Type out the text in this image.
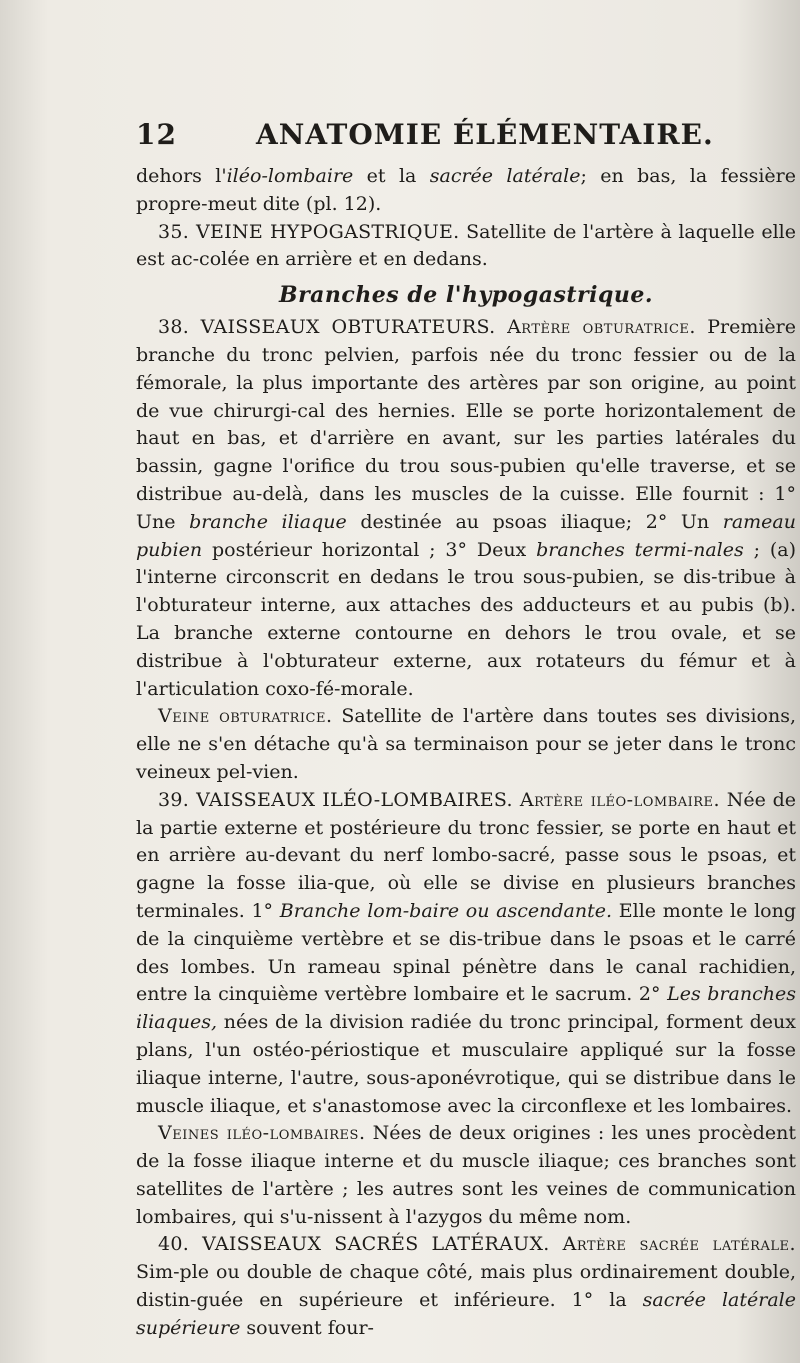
12	ANATOMIE ÉLÉMENTAIRE.

dehors l'iléo-lombaire et la sacrée latérale; en bas, la fessière propre-meut dite (pl. 12).

35. VEINE HYPOGASTRIQUE. Satellite de l'artère à laquelle elle est ac-colée en arrière et en dedans.

Branches de l'hypogastrique.

38. VAISSEAUX OBTURATEURS. Artère obturatrice. Première branche du tronc pelvien, parfois née du tronc fessier ou de la fémorale, la plus importante des artères par son origine, au point de vue chirurgi-cal des hernies. Elle se porte horizontalement de haut en bas, et d'arrière en avant, sur les parties latérales du bassin, gagne l'orifice du trou sous-pubien qu'elle traverse, et se distribue au-delà, dans les muscles de la cuisse. Elle fournit : 1° Une branche iliaque destinée au psoas iliaque; 2° Un rameau pubien postérieur horizontal ; 3° Deux branches termi-nales ; (a) l'interne circonscrit en dedans le trou sous-pubien, se dis-tribue à l'obturateur interne, aux attaches des adducteurs et au pubis (b). La branche externe contourne en dehors le trou ovale, et se distribue à l'obturateur externe, aux rotateurs du fémur et à l'articulation coxo-fé-morale.

Veine obturatrice. Satellite de l'artère dans toutes ses divisions, elle ne s'en détache qu'à sa terminaison pour se jeter dans le tronc veineux pel-vien.

39. VAISSEAUX ILÉO-LOMBAIRES. Artère iléo-lombaire. Née de la partie externe et postérieure du tronc fessier, se porte en haut et en arrière au-devant du nerf lombo-sacré, passe sous le psoas, et gagne la fosse ilia-que, où elle se divise en plusieurs branches terminales. 1° Branche lom-baire ou ascendante. Elle monte le long de la cinquième vertèbre et se dis-tribue dans le psoas et le carré des lombes. Un rameau spinal pénètre dans le canal rachidien, entre la cinquième vertèbre lombaire et le sacrum. 2° Les branches iliaques, nées de la division radiée du tronc principal, forment deux plans, l'un ostéo-périostique et musculaire appliqué sur la fosse iliaque interne, l'autre, sous-aponévrotique, qui se distribue dans le muscle iliaque, et s'anastomose avec la circonflexe et les lombaires.

Veines iléo-lombaires. Nées de deux origines : les unes procèdent de la fosse iliaque interne et du muscle iliaque; ces branches sont satellites de l'artère ; les autres sont les veines de communication lombaires, qui s'u-nissent à l'azygos du même nom.

40. VAISSEAUX SACRÉS LATÉRAUX. Artère sacrée latérale. Sim-ple ou double de chaque côté, mais plus ordinairement double, distin-guée en supérieure et inférieure. 1° la sacrée latérale supérieure souvent four-
